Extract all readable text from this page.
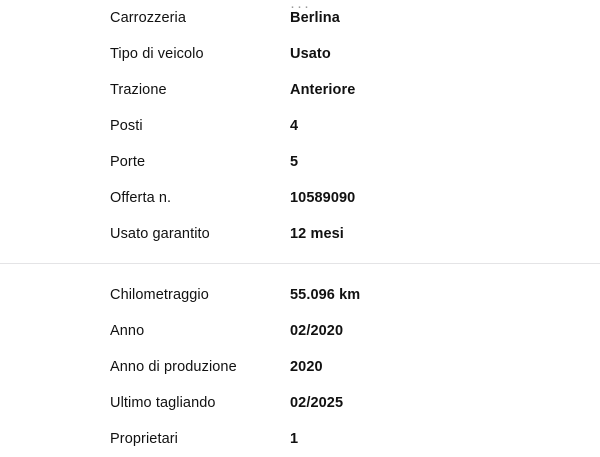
···
Carrozzeria	Berlina
Tipo di veicolo	Usato
Trazione	Anteriore
Posti	4
Porte	5
Offerta n.	10589090
Usato garantito	12 mesi
Chilometraggio	55.096 km
Anno	02/2020
Anno di produzione	2020
Ultimo tagliando	02/2025
Proprietari	1
